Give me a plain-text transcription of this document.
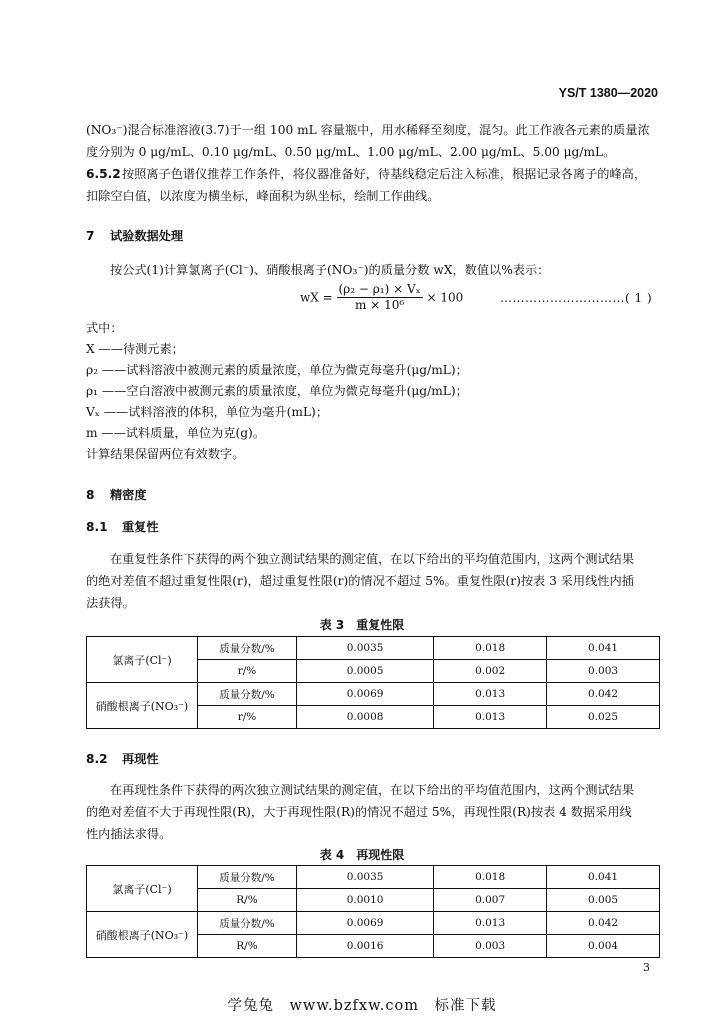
YS/T 1380—2020
(NO₃⁻)混合标准溶液(3.7)于一组 100 mL 容量瓶中，用水稀释至刻度，混匀。此工作液各元素的质量浓
度分别为 0 μg/mL、0.10 μg/mL、0.50 μg/mL、1.00 μg/mL、2.00 μg/mL、5.00 μg/mL。
6.5.2按照离子色谱仪推荐工作条件，将仪器准备好，待基线稳定后注入标准，根据记录各离子的峰高，
扣除空白值，以浓度为横坐标，峰面积为纵坐标，绘制工作曲线。
7 试验数据处理
按公式(1)计算氯离子(Cl⁻)、硝酸根离子(NO₃⁻)的质量分数 wX，数值以%表示：
wX = $\frac{\text{(ρ₂ − ρ₁) × Vₓ}}{\text{m × 10⁶}} \times 100$	…………………………( 1 )
式中：
X ——待测元素；
ρ₂ ——试料溶液中被测元素的质量浓度，单位为微克每毫升(μg/mL)；
ρ₁ ——空白溶液中被测元素的质量浓度，单位为微克每毫升(μg/mL)；
Vₓ ——试料溶液的体积，单位为毫升(mL)；
m ——试料质量，单位为克(g)。
计算结果保留两位有效数字。
8 精密度
8.1 重复性
在重复性条件下获得的两个独立测试结果的测定值，在以下给出的平均值范围内，这两个测试结果
的绝对差值不超过重复性限(r)，超过重复性限(r)的情况不超过 5%。重复性限(r)按表 3 采用线性内插
法获得。
表 3　重复性限
氯离子(Cl⁻)	质量分数/%	0.0035	0.018	0.041
	r/%	0.0005	0.002	0.003
硝酸根离子(NO₃⁻)	质量分数/%	0.0069	0.013	0.042
	r/%	0.0008	0.013	0.025
8.2 再现性
在再现性条件下获得的两次独立测试结果的测定值，在以下给出的平均值范围内，这两个测试结果
的绝对差值不大于再现性限(R)，大于再现性限(R)的情况不超过 5%，再现性限(R)按表 4 数据采用线
性内插法求得。
表 4　再现性限
氯离子(Cl⁻)	质量分数/%	0.0035	0.018	0.041
	R/%	0.0010	0.007	0.005
硝酸根离子(NO₃⁻)	质量分数/%	0.0069	0.013	0.042
	R/%	0.0016	0.003	0.004
3
学兔兔　www.bzfxw.com　标准下载
